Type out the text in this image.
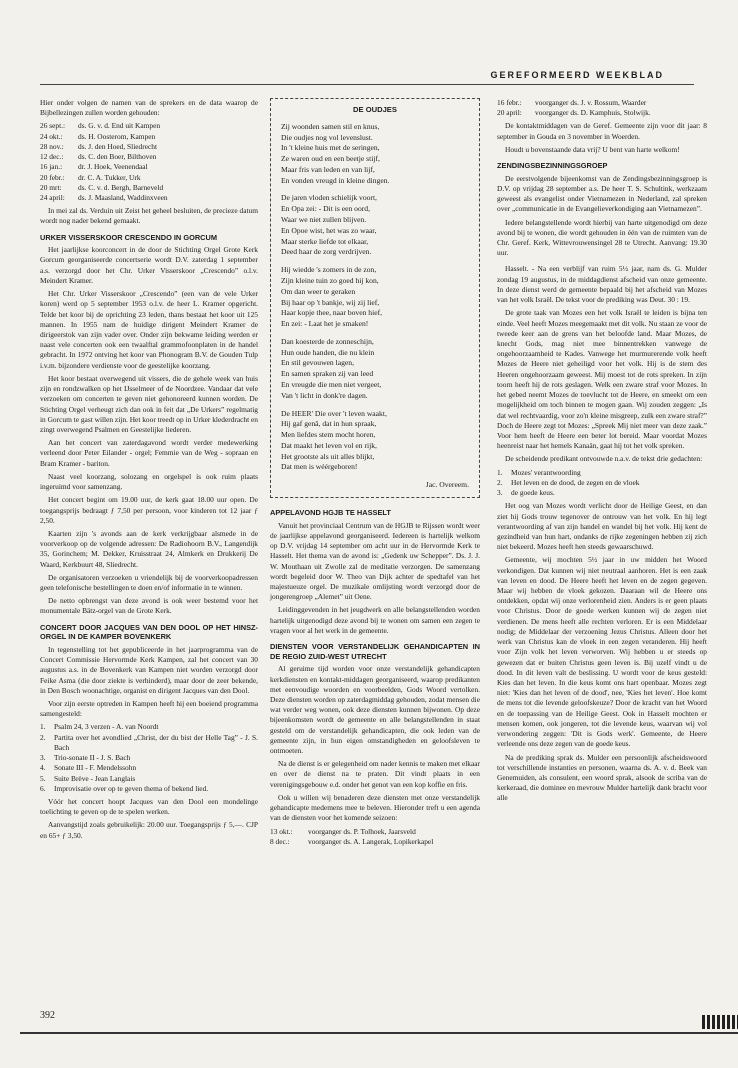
GEREFORMEERD WEEKBLAD

Hier onder volgen de namen van de sprekers en de data waarop de Bijbellezingen zullen worden gehouden:

26 sept.:	ds. G. v. d. End uit Kampen
24 okt.:	ds. H. Oosterom, Kampen
28 nov.:	ds. J. den Hoed, Sliedrecht
12 dec.:	ds. C. den Boer, Bilthoven
16 jan.:	dr. J. Hoek, Veenendaal
20 febr.:	dr. C. A. Tukker, Urk
20 mrt:	ds. C. v. d. Bergh, Barneveld
24 april:	ds. J. Maasland, Waddinxveen

In mei zal ds. Verduin uit Zeist het geheel besluiten, de precieze datum wordt nog nader bekend gemaakt.

URKER VISSERSKOOR CRESCENDO IN GORCUM

Het jaarlijkse koorconcert in de door de Stichting Orgel Grote Kerk Gorcum georganiseerde concertserie wordt D.V. zaterdag 1 september a.s. verzorgd door het Chr. Urker Visserskoor „Crescendo” o.l.v. Meindert Kramer.

Het Chr. Urker Visserskoor „Crescendo” (een van de vele Urker koren) werd op 5 september 1953 o.l.v. de heer L. Kramer opgericht. Telde het koor bij de oprichting 23 leden, thans bestaat het koor uit 125 mannen. In 1955 nam de huidige dirigent Meindert Kramer de dirigeerstok van zijn vader over. Onder zijn bekwame leiding werden er naast vele concerten ook een twaalftal grammofoonplaten in de handel gebracht. In 1972 ontving het koor van Phonogram B.V. de Gouden Tulp i.v.m. bijzondere verdienste voor de geestelijke koorzang.

Het koor bestaat overwegend uit vissers, die de gehele week van huis zijn en rondzwalken op het IJsselmeer of de Noordzee. Vandaar dat vele verzoeken om concerten te geven niet gehonoreerd kunnen worden. De Stichting Orgel verheugt zich dan ook in feit dat „De Urkers” regelmatig in Gorcum te gast willen zijn. Het koor treedt op in Urker klederdracht en zingt overwegend Psalmen en Geestelijke liederen.

Aan het concert van zaterdagavond wordt verder medewerking verleend door Peter Eilander - orgel; Femmie van de Weg - sopraan en Bram Kramer - bariton.

Naast veel koorzang, solozang en orgelspel is ook ruim plaats ingeruimd voor samenzang.

Het concert begint om 19.00 uur, de kerk gaat 18.00 uur open. De toegangsprijs bedraagt ƒ 7,50 per persoon, voor kinderen tot 12 jaar ƒ 2,50.

Kaarten zijn 's avonds aan de kerk verkrijgbaar alsmede in de voorverkoop op de volgende adressen: De Radiohoorn B.V., Langendijk 35, Gorinchem; M. Dekker, Kruisstraat 24, Almkerk en Drukkerij De Waard, Kerkbuurt 48, Sliedrecht.

De organisatoren verzoeken u vriendelijk bij de voorverkoopadressen geen telefonische bestellingen te doen en/of informatie in te winnen.

De netto opbrengst van deze avond is ook weer bestemd voor het monumentale Bätz-orgel van de Grote Kerk.

CONCERT DOOR JACQUES VAN DEN DOOL OP HET HINSZ-ORGEL IN DE KAMPER BOVENKERK

In tegenstelling tot het gepubliceerde in het jaarprogramma van de Concert Commissie Hervormde Kerk Kampen, zal het concert van 30 augustus a.s. in de Bovenkerk van Kampen niet worden verzorgd door Feike Asma (die door ziekte is verhinderd), maar door de zeer bekende, in Den Bosch woonachtige, organist en dirigent Jacques van den Dool.

Voor zijn eerste optreden in Kampen heeft hij een boeiend programma samengesteld:

1.	Psalm 24, 3 verzen - A. van Noordt
2.	Partita over het avondlied „Christ, der du bist der Helle Tag” - J. S. Bach
3.	Trio-sonate II - J. S. Bach
4.	Sonate III - F. Mendelssohn
5.	Suite Brève - Jean Langlais
6.	Improvisatie over op te geven thema of bekend lied.

Vóór het concert hoopt Jacques van den Dool een mondelinge toelichting te geven op de te spelen werken.

Aanvangstijd zoals gebruikelijk: 20.00 uur. Toegangsprijs ƒ 5,—. CJP en 65+ ƒ 3,50.

DE OUDJES
Zij woonden samen stil en knus,
Die oudjes nog vol levenslust.
In 't kleine huis met de seringen,
Ze waren oud en een beetje stijf,
Maar fris van leden en van lijf,
En vonden vreugd in kleine dingen.
De jaren vloden schielijk voort,
En Opa zei: - Dit is een oord,
Waar we niet zullen blijven.
En Opoe wist, het was zo waar,
Maar sterke liefde tot elkaar,
Deed haar de zorg verdrijven.
Hij wiedde 's zomers in de zon,
Zijn kleine tuin zo goed hij kon,
Om dan weer te geraken
Bij haar op 't bankje, wij zij lief,
Haar kopje thee, naar boven hief,
En zei: - Laat het je smaken!
Dan koesterde de zonneschijn,
Hun oude handen, die nu klein
En stil gevouwen lagen,
En samen spraken zij van leed
En vreugde die men niet vergeet,
Van 't licht in donk're dagen.
De HEER' Die over 't leven waakt,
Hij gaf genâ, dat in hun spraak,
Men liefdes stem mocht horen,
Dat maakt het leven vol en rijk,
Het grootste als uit alles blijkt,
Dat men is wéérgeboren!
Jac. Overeem.
APPELAVOND HGJB TE HASSELT

Vanuit het provinciaal Centrum van de HGJB te Rijssen wordt weer de jaarlijkse appelavond georganiseerd. Iedereen is hartelijk welkom op D.V. vrijdag 14 september om acht uur in de Hervormde Kerk te Hasselt. Het thema van de avond is: „Gedenk uw Schepper”. Ds. J. J. W. Mouthaan uit Zwolle zal de meditatie verzorgen. De samenzang wordt begeleid door W. Theo van Dijk achter de spedtafel van het majestueuze orgel. De muzikale omlijsting wordt verzorgd door de jongerengroep „Alemet” uit Oene.

Leidinggevenden in het jeugdwerk en alle belangstellenden worden hartelijk uitgenodigd deze avond bij te wonen om samen een zegen te vragen voor al het werk in de gemeente.

DIENSTEN VOOR VERSTANDELIJK GEHANDICAPTEN IN DE REGIO ZUID-WEST UTRECHT

Al geruime tijd worden voor onze verstandelijk gehandicapten kerkdiensten en kontakt-middagen georganiseerd, waarop predikanten met eenvoudige woorden en voorbeelden, Gods Woord vertolken. Deze diensten worden op zaterdagmiddag gehouden, zodat mensen die wat verder weg wonen, ook deze diensten kunnen bijwonen. Op deze bijeenkomsten wordt de gemeente en alle belangstellenden in staat gesteld om de verstandelijk gehandicapten, die ook leden van de gemeente zijn, in hun eigen omstandigheden en geloofsleven te ontmoeten.

Na de dienst is er gelegenheid om nader kennis te maken met elkaar en over de dienst na te praten. Dit vindt plaats in een verenigingsgebouw e.d. onder het genot van een kop koffie en fris.

Ook u willen wij benaderen deze diensten met onze verstandelijk gehandicapte medemens mee te beleven. Hieronder treft u een agenda van de diensten voor het komende seizoen:

13 okt.:	voorganger ds. P. Tolhoek, Jaarsveld
8 dec.:	voorganger ds. A. Langerak, Lopikerkapel
16 febr.:	voorganger ds. J. v. Rossum, Waarder
20 april:	voorganger ds. D. Kamphuis, Stolwijk.

De kontaktmiddagen van de Geref. Gemeente zijn voor dit jaar: 8 september in Gouda en 3 november in Woerden.

Houdt u bovenstaande data vrij? U bent van harte welkom!

ZENDINGSBEZINNINGSGROEP

De eerstvolgende bijeenkomst van de Zendingsbezinningsgroep is D.V. op vrijdag 28 september a.s. De heer T. S. Schultink, werkzaam geweest als evangelist onder Vietnamezen in Nederland, zal spreken over „communicatie in de Evangelieverkondiging aan Vietnamezen”.

Iedere belangstellende wordt hierbij van harte uitgenodigd om deze avond bij te wonen, die wordt gehouden in één van de ruimten van de Chr. Geref. Kerk, Wittevrouwensingel 28 te Utrecht. Aanvang: 19.30 uur.

Hasselt. - Na een verblijf van ruim 5½ jaar, nam ds. G. Mulder zondag 19 augustus, in de middagdienst afscheid van onze gemeente. In deze dienst werd de gemeente bepaald bij het afscheid van Mozes van het volk Israël. De tekst voor de prediking was Deut. 30 : 19.

De grote taak van Mozes een het volk Israël te leiden is bijna ten einde. Veel heeft Mozes meegemaakt met dit volk. Nu staan ze voor de tweede keer aan de grens van het beloofde land. Maar Mozes, de knecht Gods, mag niet mee binnentrekken vanwege de ongehoorzaamheid te Kades. Vanwege het murmurerende volk heeft Mozes de Heere niet geheiligd voor het volk. Hij is de stem des Heeren ongehoorzaam geweest. Mij moest tot de rots spreken. In zijn toorn heeft hij de rots geslagen. Welk een zware straf voor Mozes. In het gebed neemt Mozes de toevlucht tot de Heere, en smeekt om een mogelijkheid om toch binnen te mogen gaan. Wij zouden zeggen: „Is dat wel rechtvaardig, voor zo'n kleine misgreep, zulk een zware straf?” Doch de Heere zegt tot Mozes: „Spreek Mij niet meer van deze zaak.” Voor hem heeft de Heere een beter lot bereid. Maar voordat Mozes heenreist naar het hemels Kanaän, gaat hij tot het volk spreken.

De scheidende predikant ontvouwde n.a.v. de tekst drie gedachten:

1.	Mozes' verantwoording
2.	Het leven en de dood, de zegen en de vloek
3.	de goede keus.

Het oog van Mozes wordt verlicht door de Heilige Geest, en dan ziet hij Gods trouw tegenover de ontrouw van het volk. En hij legt verantwoording af van zijn handel en wandel bij het volk. Hij kent de gezindheid van hun hart, ondanks de rijke zegeningen hebben zij zich niet bekeerd. Mozes heeft hen steeds gewaarschuwd.

Gemeente, wij mochten 5½ jaar in uw midden het Woord verkondigen. Dat kunnen wij niet neutraal aanhoren. Het is een zaak van leven en dood. De Heere heeft het leven en de zegen gegeven. Maar wij hebben de vloek gekozen. Daaraan wil de Heere ons ontdekken, opdat wij onze verlorenheid zien. Anders is er geen plaats voor Christus. Door de goede werken kunnen wij de zegen niet verdienen. De mens heeft alle rechten verloren. Er is een Middelaar nodig; de Middelaar der verzoening Jezus Christus. Alleen door het werk van Christus kan de vloek in een zegen veranderen. Hij heeft voor Zijn volk het leven verworven. Wij hebben u er steeds op gewezen dat er buiten Christus geen leven is. Bij uzelf vindt u de dood. In dit leven valt de beslissing. U wordt voor de keus gesteld: Kies dan het leven. In die keus komt ons hart openbaar. Mozes zegt niet: 'Kies dan het leven of de dood', nee, 'Kies het leven'. Hoe komt de mens tot die levende geloofskeuze? Door de kracht van het Woord en de toepassing van de Heilige Geest. Ook in Hasselt mochten er mensen komen, ook jongeren, tot die levende keus, waarvan wij vol verwondering zeggen: 'Dit is Gods werk'. Gemeente, de Heere verleende ons deze zegen van de goede keus.

Na de prediking sprak ds. Mulder een persoonlijk afscheidswoord tot verschillende instanties en personen, waarna ds. A. v. d. Beek van Genemuiden, als consulent, een woord sprak, alsook de scriba van de kerkeraad, die dominee en mevrouw Mulder hartelijk dank bracht voor alle

392
